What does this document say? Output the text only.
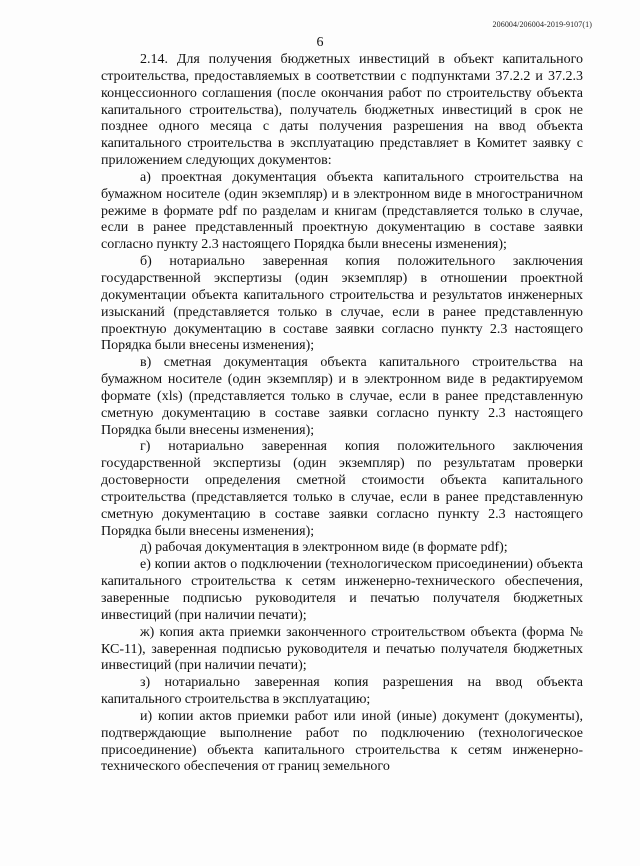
206004/206004-2019-9107(1)
6

2.14. Для получения бюджетных инвестиций в объект капитального строительства, предоставляемых в соответствии с подпунктами 37.2.2 и 37.2.3 концессионного соглашения (после окончания работ по строительству объекта капитального строительства), получатель бюджетных инвестиций в срок не позднее одного месяца с даты получения разрешения на ввод объекта капитального строительства в эксплуатацию представляет в Комитет заявку с приложением следующих документов:

а) проектная документация объекта капитального строительства на бумажном носителе (один экземпляр) и в электронном виде в многостраничном режиме в формате pdf по разделам и книгам (представляется только в случае, если в ранее представленный проектную документацию в составе заявки согласно пункту 2.3 настоящего Порядка были внесены изменения);

б) нотариально заверенная копия положительного заключения государственной экспертизы (один экземпляр) в отношении проектной документации объекта капитального строительства и результатов инженерных изысканий (представляется только в случае, если в ранее представленную проектную документацию в составе заявки согласно пункту 2.3 настоящего Порядка были внесены изменения);

в) сметная документация объекта капитального строительства на бумажном носителе (один экземпляр) и в электронном виде в редактируемом формате (xls) (представляется только в случае, если в ранее представленную сметную документацию в составе заявки согласно пункту 2.3 настоящего Порядка были внесены изменения);

г) нотариально заверенная копия положительного заключения государственной экспертизы (один экземпляр) по результатам проверки достоверности определения сметной стоимости объекта капитального строительства (представляется только в случае, если в ранее представленную сметную документацию в составе заявки согласно пункту 2.3 настоящего Порядка были внесены изменения);

д) рабочая документация в электронном виде (в формате pdf);

е) копии актов о подключении (технологическом присоединении) объекта капитального строительства к сетям инженерно-технического обеспечения, заверенные подписью руководителя и печатью получателя бюджетных инвестиций (при наличии печати);

ж) копия акта приемки законченного строительством объекта (форма № КС-11), заверенная подписью руководителя и печатью получателя бюджетных инвестиций (при наличии печати);

з) нотариально заверенная копия разрешения на ввод объекта капитального строительства в эксплуатацию;

и) копии актов приемки работ или иной (иные) документ (документы), подтверждающие выполнение работ по подключению (технологическое присоединение) объекта капитального строительства к сетям инженерно-технического обеспечения от границ земельного
